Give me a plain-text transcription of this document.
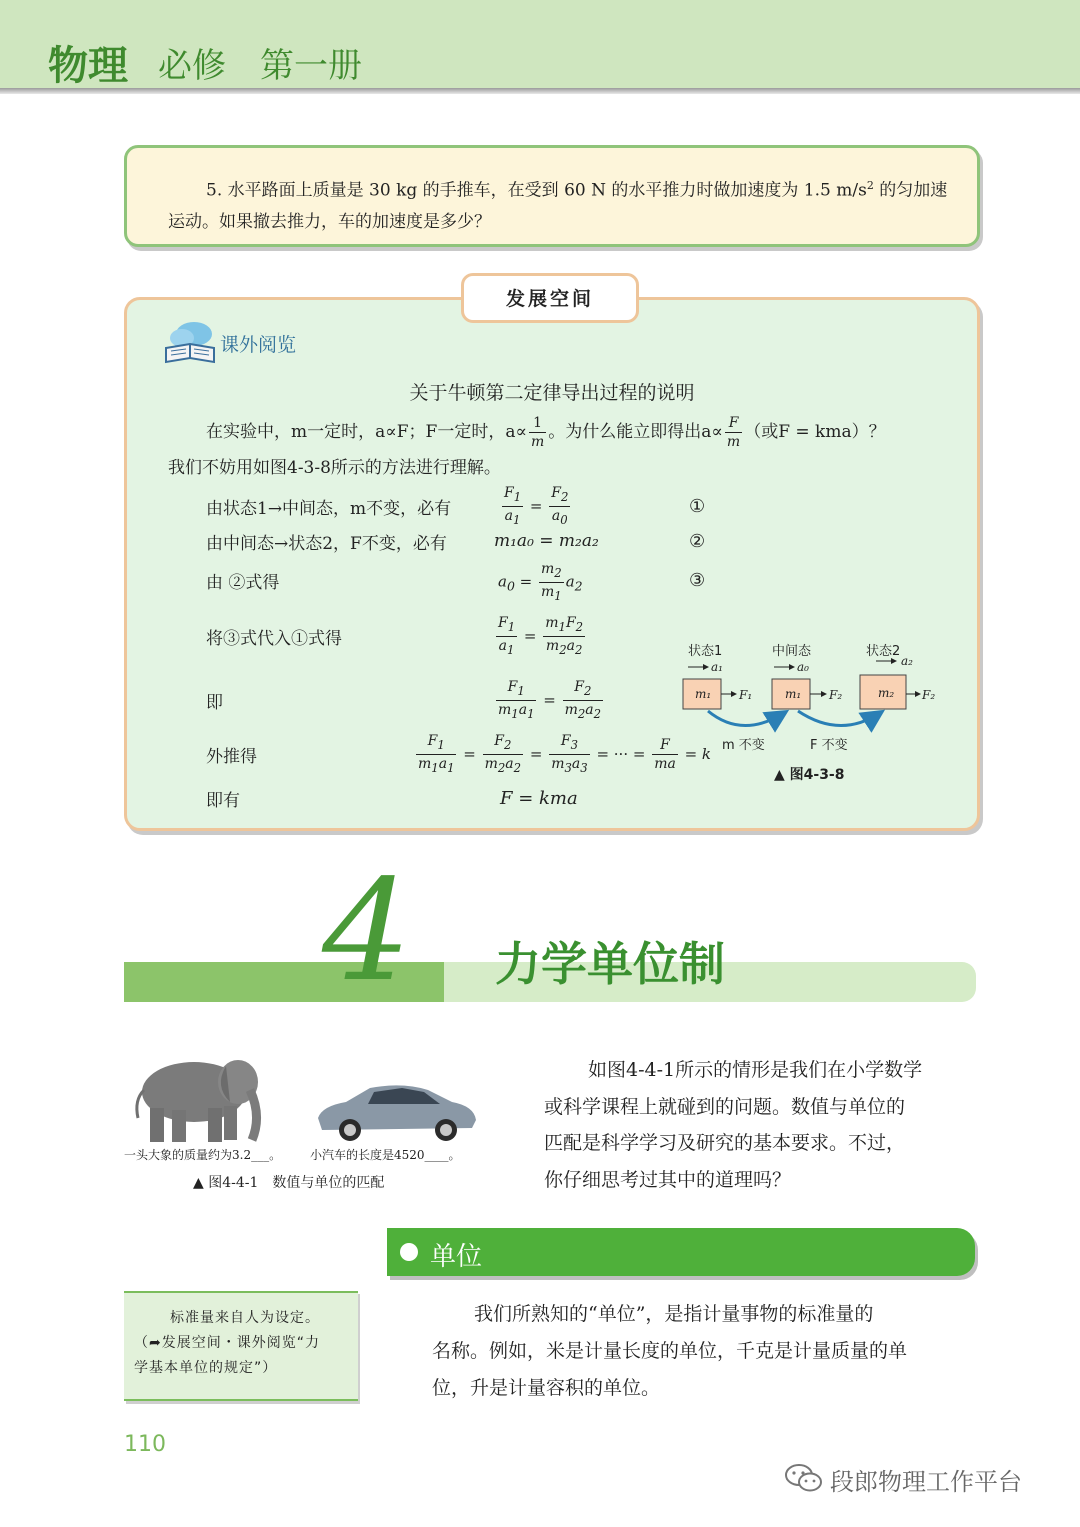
物理 必修　第一册
5. 水平路面上质量是 30 kg 的手推车，在受到 60 N 的水平推力时做加速度为 1.5 $m/s^2$ 的匀加速运动。如果撤去推力，车的加速度是多少？
发展空间
课外阅览
关于牛顿第二定律导出过程的说明
在实验中，m一定时，a∝F；F一定时，$a\propto \frac{1}{m}$ 。为什么能立即得出$a\propto \frac{F}{m}$ （或F = kma）？
我们不妨用如图4-3-8所示的方法进行理解。
由状态1→中间态，m不变，必有	$\frac{F_1}{a_1} = \frac{F_2}{a_0}$	①
由中间态→状态2，F不变，必有	m₁a₀ = m₂a₂	②
由 ②式得	$a_0 = \frac{m_2}{m_1} a_2$	③
将③式代入①式得	$\frac{F_1}{a_1} = \frac{m_1F_2}{m_2a_2}$
即	$\frac{F_1}{m_1a_1} = \frac{F_2}{m_2a_2}$
外推得	$\frac{F_1}{m_1a_1} = \frac{F_2}{m_2a_2} = \frac{F_3}{m_3a_3}$ = ··· = $\frac{F}{ma} = k$
即有	F = kma
状态1	中间态	状态2
a₁	a₀	a₂
m₁	m₁	m₂
F₁	F₂	F₂
m 不变	F 不变
▲ 图4-3-8
4 力学单位制
一头大象的质量约为3.2___。 小汽车的长度是4520____。
▲ 图4-4-1　数值与单位的匹配
如图4-4-1所示的情形是我们在小学数学
或科学课程上就碰到的问题。数值与单位的
匹配是科学学习及研究的基本要求。不过，
你仔细思考过其中的道理吗？
单位
标准量来自人为设定。
（➦发展空间・课外阅览“力
学基本单位的规定”）
我们所熟知的“单位”，是指计量事物的标准量的
名称。例如，米是计量长度的单位，千克是计量质量的单
位，升是计量容积的单位。
110
段郎物理工作平台
